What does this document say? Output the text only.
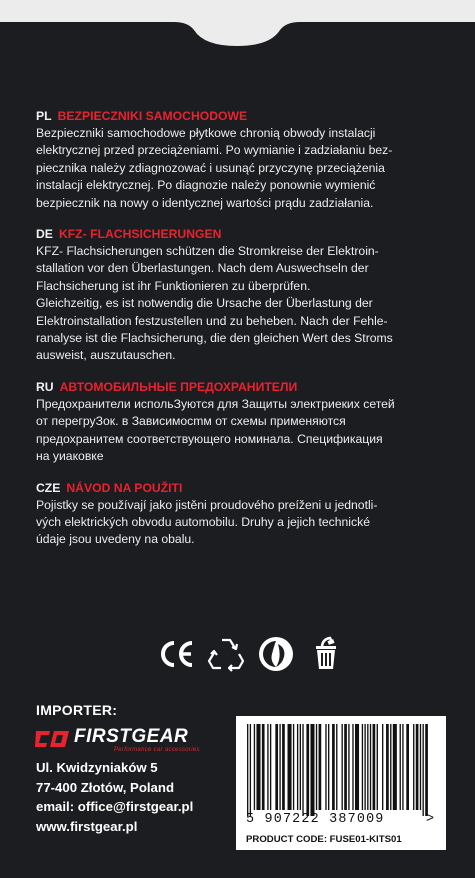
PL BEZPIECZNIKI SAMOCHODOWE
Bezpieczniki samochodowe płytkowe chronią obwody instalacji
elektrycznej przed przeciążeniami. Po wymianie i zadziałaniu bez-
piecznika należy zdiagnozować i usunąć przyczynę przeciążenia
instalacji elektrycznej. Po diagnozie należy ponownie wymienić
bezpiecznik na nowy o identycznej wartości prądu zadziałania.
DE KFZ- FLACHSICHERUNGEN
KFZ- Flachsicherungen schützen die Stromkreise der Elektroin-
stallation vor den Überlastungen. Nach dem Auswechseln der
Flachsicherung ist ihr Funktionieren zu überprüfen.
Gleichzeitig, es ist notwendig die Ursache der Überlastung der
Elektroinstallation festzustellen und zu beheben. Nach der Fehle-
ranalyse ist die Flachsicherung, die den gleichen Wert des Stroms
ausweist, auszutauschen.
RU АВТОМОБИЛЬНЫЕ ПРЕДОХРАНИТЕЛИ
Предохранители испольЗуются для Защиты электриеких сетей
от перегруЗок. в Зависимосmм от схемы применяются
предохранитем соответствующего номинала. Спецификация
на уиаковке
CZE NÁVOD NA POUŽITI
Pojistky se používají jako jistěni proudového preíženi u jednotli-
vých elektrických obvodu automobilu. Druhy a jejich technické
údaje jsou uvedeny na obalu.
IMPORTER:
FIRSTGEAR
Performance car accessories
Ul. Kwidzyniaków 5
77-400 Złotów, Poland
email: office@firstgear.pl
www.firstgear.pl	5 907222 387009	>
PRODUCT CODE: FUSE01-KITS01
